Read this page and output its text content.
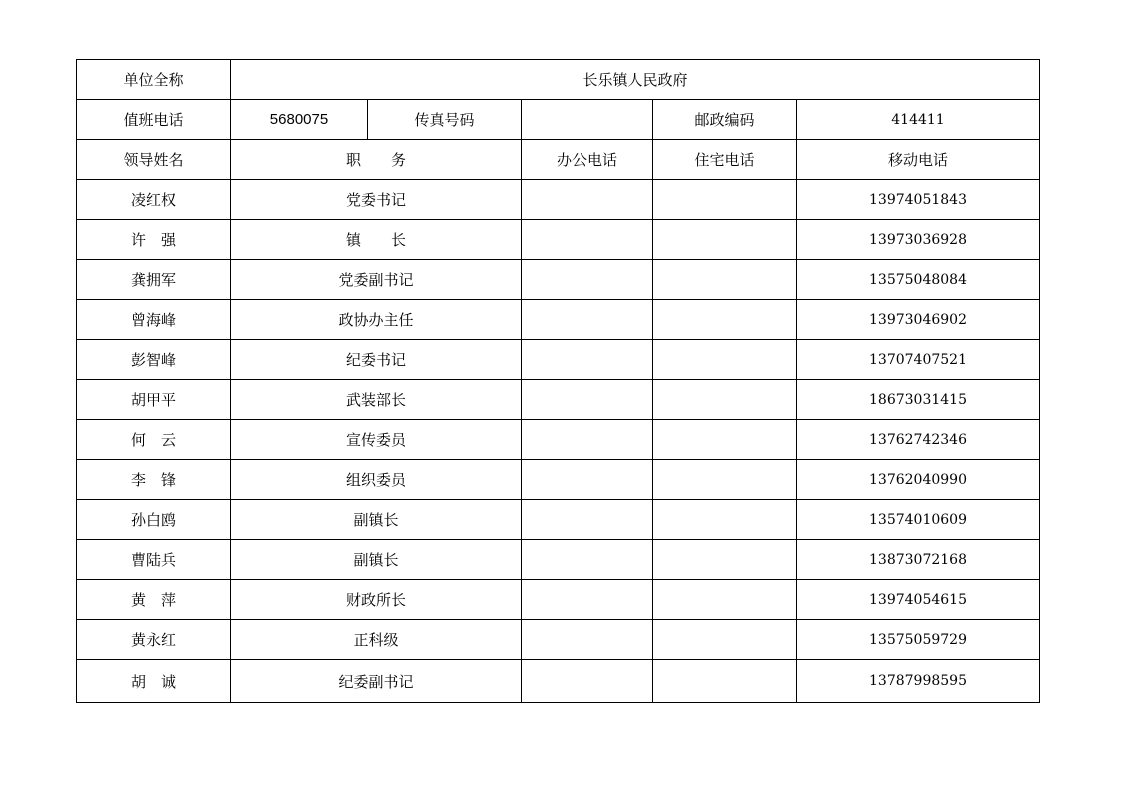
单位全称	长乐镇人民政府				
值班电话	5680075	传真号码		邮政编码	414411
领导姓名	职　　务		办公电话	住宅电话	移动电话
凌红权	党委书记				13974051843
许　强	镇　　长				13973036928
龚拥军	党委副书记				13575048084
曾海峰	政协办主任				13973046902
彭智峰	纪委书记				13707407521
胡甲平	武装部长				18673031415
何　云	宣传委员				13762742346
李　锋	组织委员				13762040990
孙白鸥	副镇长				13574010609
曹陆兵	副镇长				13873072168
黄　萍	财政所长				13974054615
黄永红	正科级				13575059729
胡　诚	纪委副书记				13787998595
